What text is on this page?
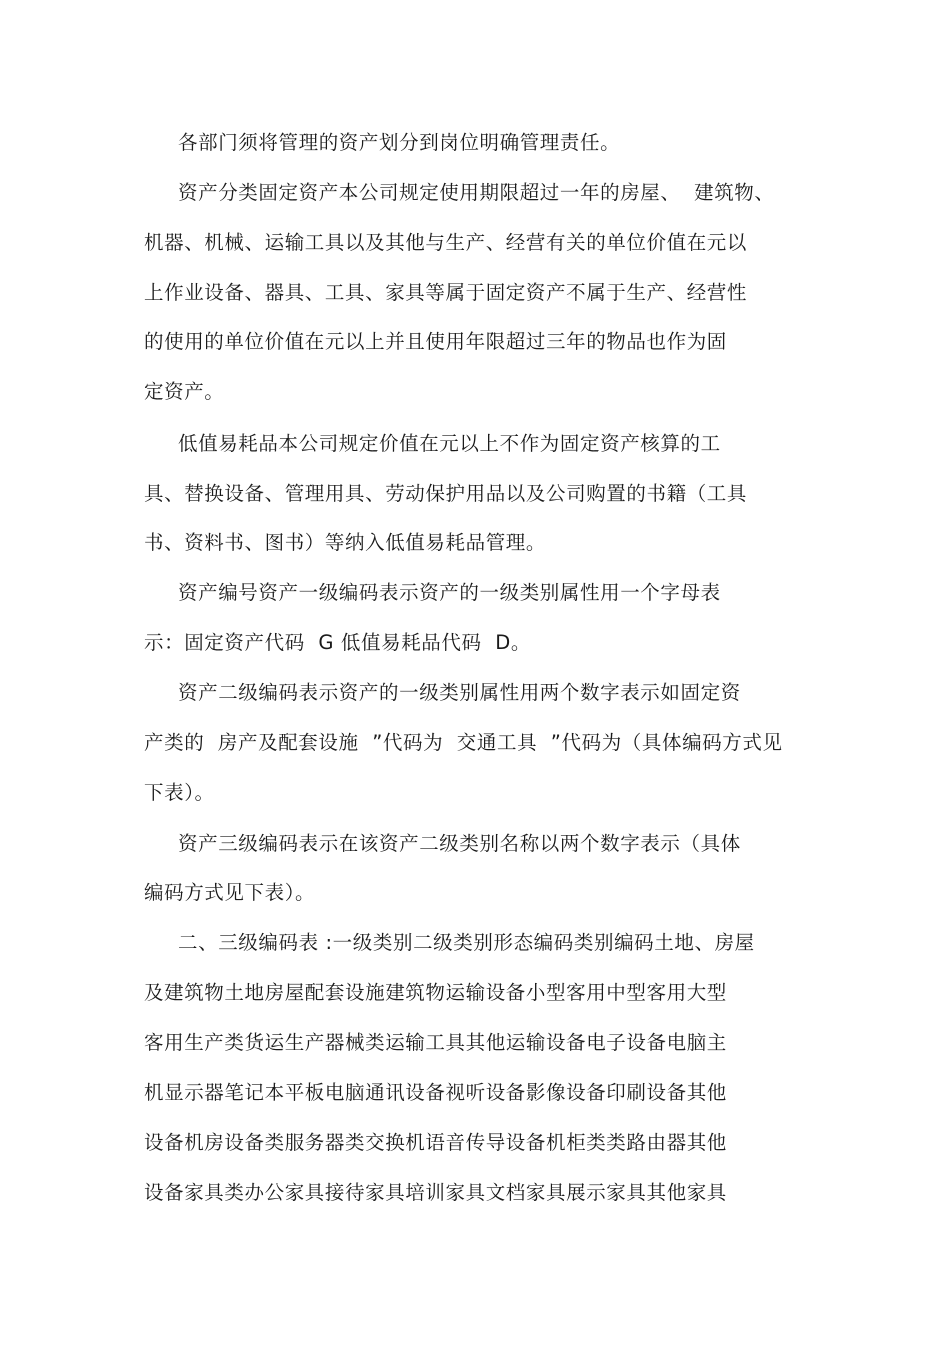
各部门须将管理的资产划分到岗位明确管理责任。
资产分类固定资产本公司规定使用期限超过一年的房屋、  建筑物、
机器、机械、运输工具以及其他与生产、经营有关的单位价值在元以
上作业设备、器具、工具、家具等属于固定资产不属于生产、经营性
的使用的单位价值在元以上并且使用年限超过三年的物品也作为固
定资产。
低值易耗品本公司规定价值在元以上不作为固定资产核算的工
具、替换设备、管理用具、劳动保护用品以及公司购置的书籍（工具
书、资料书、图书）等纳入低值易耗品管理。
资产编号资产一级编码表示资产的一级类别属性用一个字母表
示：固定资产代码  G 低值易耗品代码  D。
资产二级编码表示资产的一级类别属性用两个数字表示如固定资
产类的  房产及配套设施  ”代码为  交通工具  ”代码为（具体编码方式见
下表）。
资产三级编码表示在该资产二级类别名称以两个数字表示（具体
编码方式见下表）。
二、三级编码表 :一级类别二级类别形态编码类别编码土地、房屋
及建筑物土地房屋配套设施建筑物运输设备小型客用中型客用大型
客用生产类货运生产器械类运输工具其他运输设备电子设备电脑主
机显示器笔记本平板电脑通讯设备视听设备影像设备印刷设备其他
设备机房设备类服务器类交换机语音传导设备机柜类类路由器其他
设备家具类办公家具接待家具培训家具文档家具展示家具其他家具
